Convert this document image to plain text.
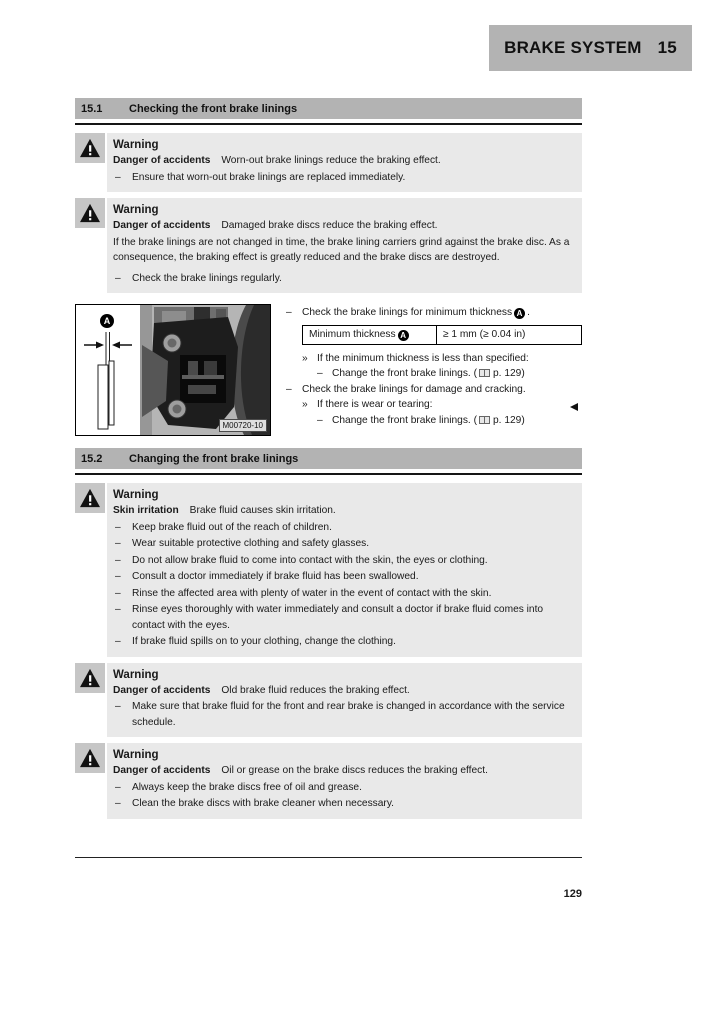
BRAKE SYSTEM 15
15.1	Checking the front brake linings
Warning
Danger of accidents Worn-out brake linings reduce the braking effect.
–	Ensure that worn-out brake linings are replaced immediately.
Warning
Danger of accidents Damaged brake discs reduce the braking effect.
If the brake linings are not changed in time, the brake lining carriers grind against the brake disc. As a consequence, the braking effect is greatly reduced and the brake discs are destroyed.
–	Check the brake linings regularly.
A
M00720-10
–	Check the brake linings for minimum thickness A .
Minimum thickness A	≥ 1 mm (≥ 0.04 in)
» If the minimum thickness is less than specified:
– Change the front brake linings. ( p. 129)
–	Check the brake linings for damage and cracking.
» If there is wear or tearing:
– Change the front brake linings. ( p. 129)
15.2	Changing the front brake linings
Warning
Skin irritation Brake fluid causes skin irritation.
–	Keep brake fluid out of the reach of children.
–	Wear suitable protective clothing and safety glasses.
–	Do not allow brake fluid to come into contact with the skin, the eyes or clothing.
–	Consult a doctor immediately if brake fluid has been swallowed.
–	Rinse the affected area with plenty of water in the event of contact with the skin.
–	Rinse eyes thoroughly with water immediately and consult a doctor if brake fluid comes into contact with the eyes.
–	If brake fluid spills on to your clothing, change the clothing.
Warning
Danger of accidents Old brake fluid reduces the braking effect.
–	Make sure that brake fluid for the front and rear brake is changed in accordance with the service schedule.
Warning
Danger of accidents Oil or grease on the brake discs reduces the braking effect.
–	Always keep the brake discs free of oil and grease.
–	Clean the brake discs with brake cleaner when necessary.
129
